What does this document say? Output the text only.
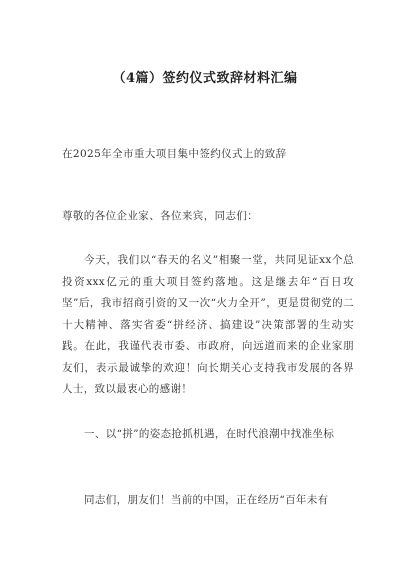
（4篇）签约仪式致辞材料汇编
在2025年全市重大项目集中签约仪式上的致辞
尊敬的各位企业家、各位来宾，同志们：
今天，我们以“春天的名义”相聚一堂，共同见证xx个总投资xxx亿元的重大项目签约落地。这是继去年“百日攻坚”后，我市招商引资的又一次“火力全开”，更是贯彻党的二十大精神、落实省委“拼经济、搞建设”决策部署的生动实践。在此，我谨代表市委、市政府，向远道而来的企业家朋友们，表示最诚挚的欢迎！向长期关心支持我市发展的各界人士，致以最衷心的感谢！
一、以“拼”的姿态抢抓机遇，在时代浪潮中找准坐标
同志们，朋友们！当前的中国，正在经历“百年未有
